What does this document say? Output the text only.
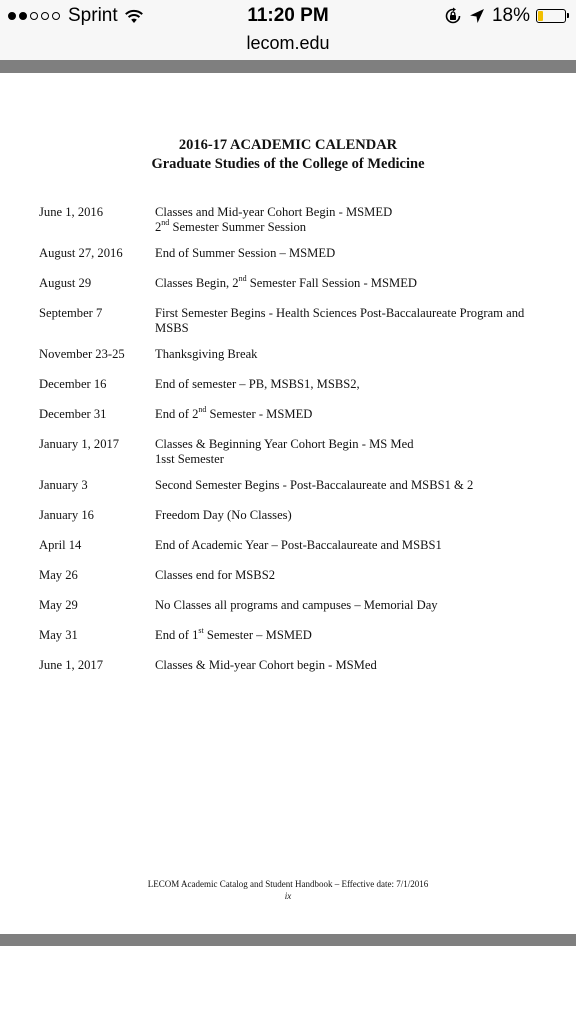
Sprint	11:20 PM	18%
lecom.edu
2016-17 ACADEMIC CALENDAR
Graduate Studies of the College of Medicine
June 1, 2016	Classes and Mid-year Cohort Begin - MSMED
2nd Semester Summer Session
August 27, 2016	End of Summer Session – MSMED
August 29	Classes Begin, 2nd Semester Fall Session - MSMED
September 7	First Semester Begins - Health Sciences Post-Baccalaureate Program and
MSBS
November 23-25	Thanksgiving Break
December 16	End of semester – PB, MSBS1, MSBS2,
December 31	End of 2nd Semester - MSMED
January 1, 2017	Classes & Beginning Year Cohort Begin - MS Med
1sst Semester
January 3	Second Semester Begins - Post-Baccalaureate and MSBS1 & 2
January 16	Freedom Day (No Classes)
April 14	End of Academic Year – Post-Baccalaureate and MSBS1
May 26	Classes end for MSBS2
May 29	No Classes all programs and campuses – Memorial Day
May 31	End of 1st Semester – MSMED
June 1, 2017	Classes & Mid-year Cohort begin - MSMed
LECOM Academic Catalog and Student Handbook – Effective date: 7/1/2016
ix
